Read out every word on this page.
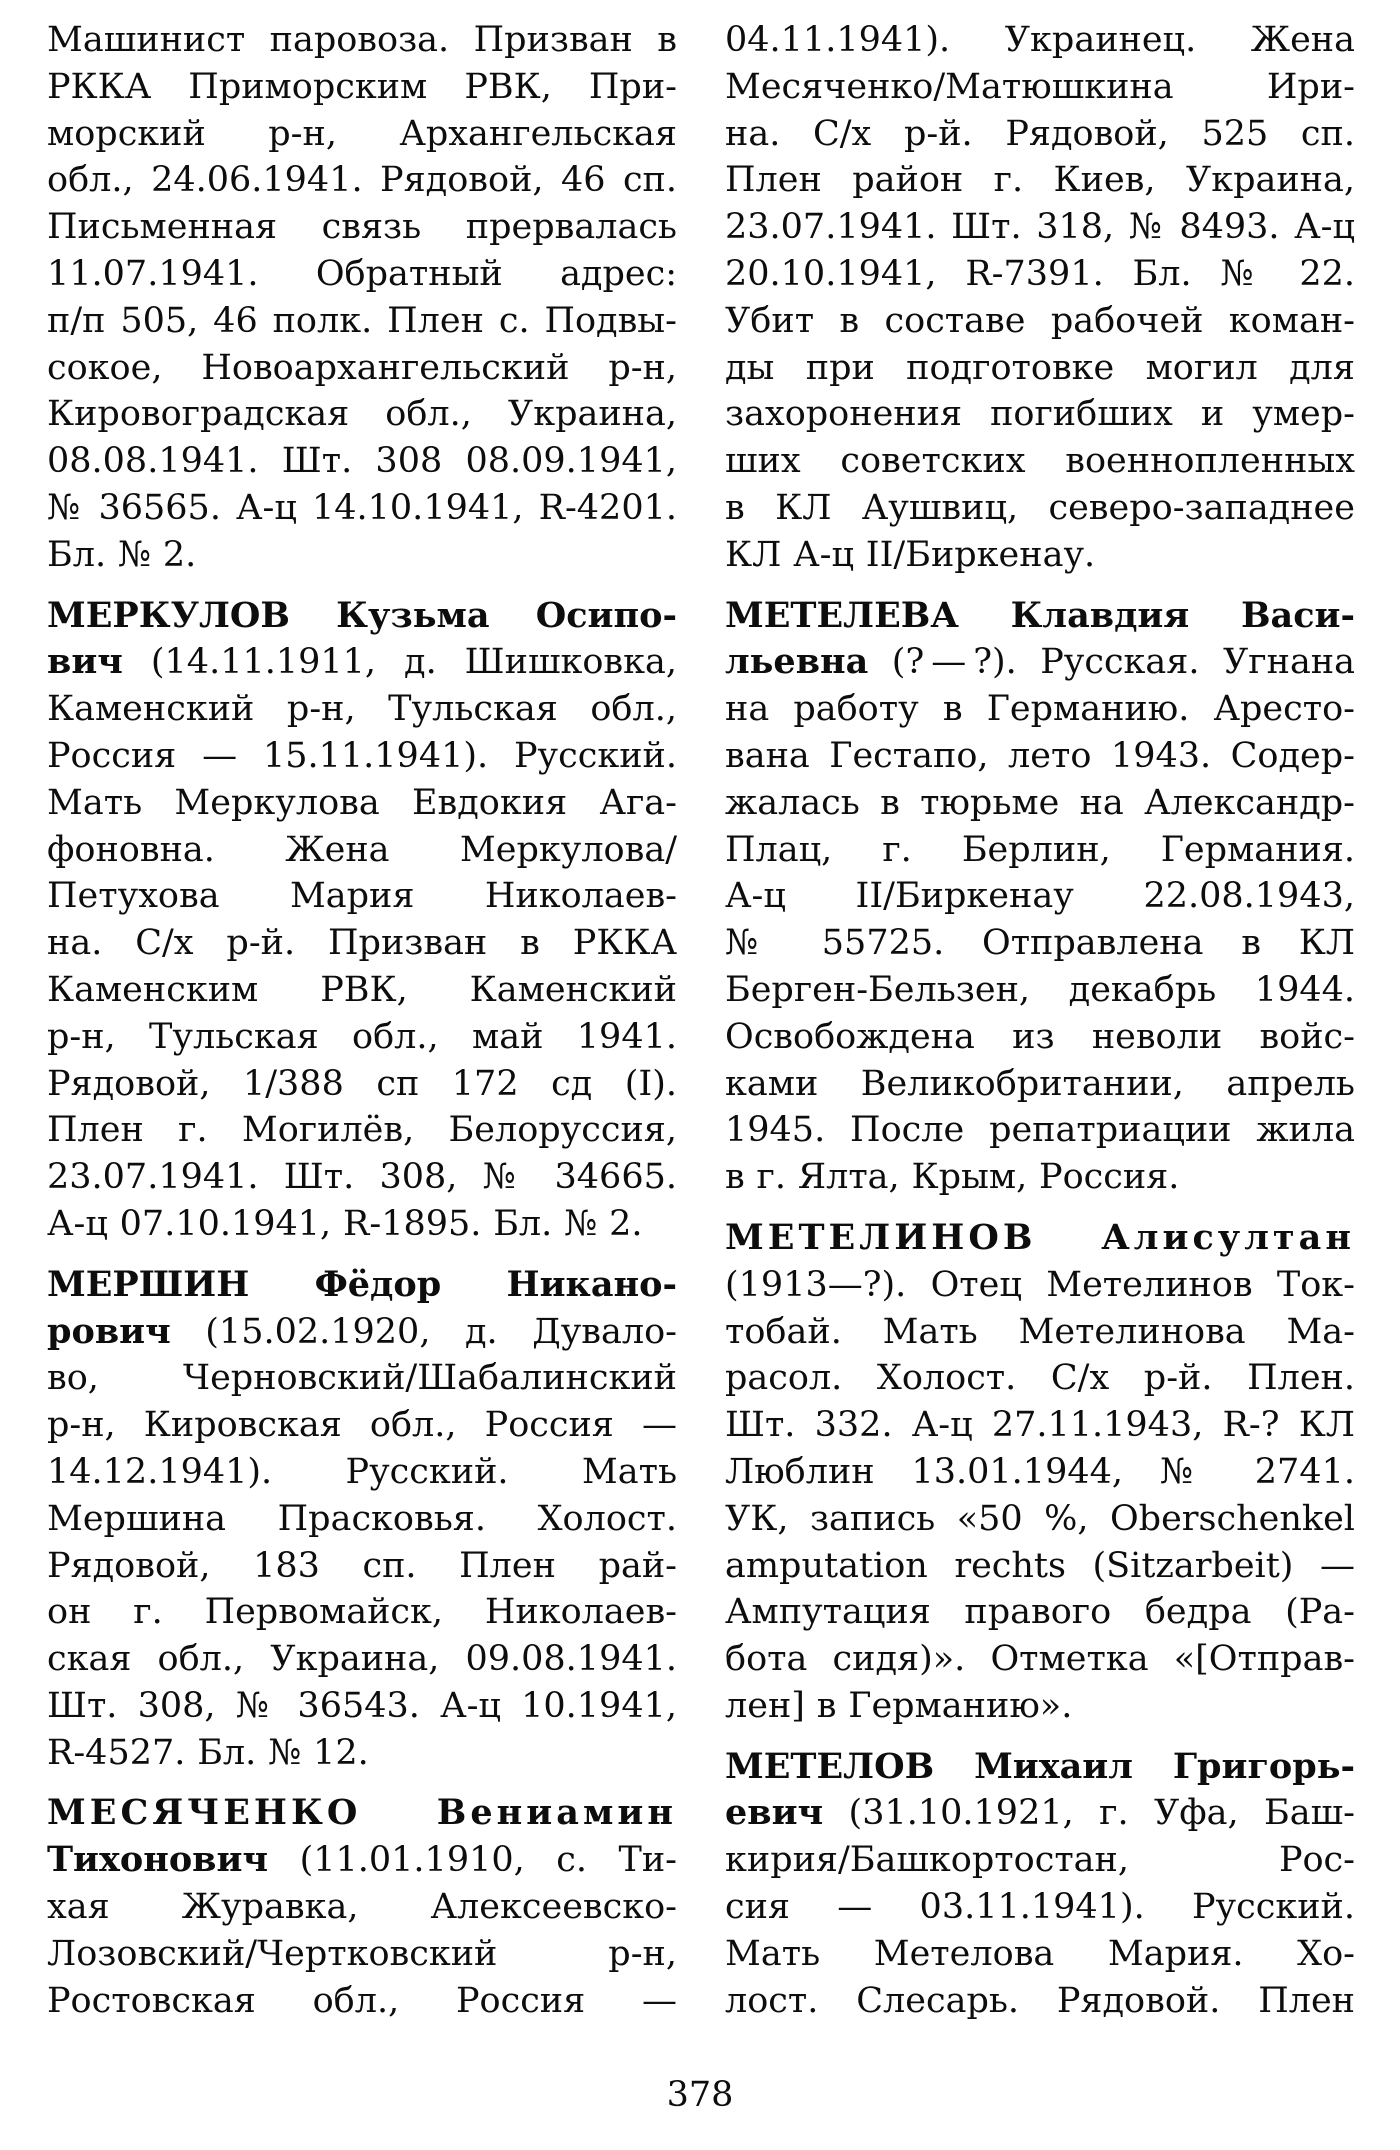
Машинист паровоза. Призван в
РККА Приморским РВК, При-
морский р-н, Архангельская
обл., 24.06.1941. Рядовой, 46 сп.
Письменная связь прервалась
11.07.1941. Обратный адрес:
п/п 505, 46 полк. Плен с. Подвы-
сокое, Новоархангельский р-н,
Кировоградская обл., Украина,
08.08.1941. Шт. 308 08.09.1941,
№ 36565. А-ц 14.10.1941, R-4201.
Бл. № 2.
МЕРКУЛОВ Кузьма Осипо-
вич (14.11.1911, д. Шишковка,
Каменский р-н, Тульская обл.,
Россия — 15.11.1941). Русский.
Мать Меркулова Евдокия Ага-
фоновна. Жена Меркулова/
Петухова Мария Николаев-
на. С/х р-й. Призван в РККА
Каменским РВК, Каменский
р-н, Тульская обл., май 1941.
Рядовой, 1/388 сп 172 сд (I).
Плен г. Могилёв, Белоруссия,
23.07.1941. Шт. 308, № 34665.
А-ц 07.10.1941, R-1895. Бл. № 2.
МЕРШИН Фёдор Никано-
рович (15.02.1920, д. Дувало-
во, Черновский/Шабалинский
р-н, Кировская обл., Россия —
14.12.1941). Русский. Мать
Мершина Прасковья. Холост.
Рядовой, 183 сп. Плен рай-
он г. Первомайск, Николаев-
ская обл., Украина, 09.08.1941.
Шт. 308, № 36543. А-ц 10.1941,
R-4527. Бл. № 12.
МЕСЯЧЕНКО Вениамин
Тихонович (11.01.1910, с. Ти-
хая Журавка, Алексеевско-
Лозовский/Чертковский р-н,
Ростовская обл., Россия —
04.11.1941). Украинец. Жена
Месяченко/Матюшкина Ири-
на. С/х р-й. Рядовой, 525 сп.
Плен район г. Киев, Украина,
23.07.1941. Шт. 318, № 8493. А-ц
20.10.1941, R-7391. Бл. № 22.
Убит в составе рабочей коман-
ды при подготовке могил для
захоронения погибших и умер-
ших советских военнопленных
в КЛ Аушвиц, северо-западнее
КЛ А-ц II/Биркенау.
МЕТЕЛЕВА Клавдия Васи-
льевна (? — ?). Русская. Угнана
на работу в Германию. Аресто-
вана Гестапо, лето 1943. Содер-
жалась в тюрьме на Александр-
Плац, г. Берлин, Германия.
А-ц II/Биркенау 22.08.1943,
№ 55725. Отправлена в КЛ
Берген-Бельзен, декабрь 1944.
Освобождена из неволи войс-
ками Великобритании, апрель
1945. После репатриации жила
в г. Ялта, Крым, Россия.
МЕТЕЛИНОВ Алисултан
(1913—?). Отец Метелинов Ток-
тобай. Мать Метелинова Ма-
расол. Холост. С/х р-й. Плен.
Шт. 332. А-ц 27.11.1943, R-? КЛ
Люблин 13.01.1944, № 2741.
УК, запись «50 %, Oberschenkel
amputation rechts (Sitzarbeit) —
Ампутация правого бедра (Ра-
бота сидя)». Отметка «[Отправ-
лен] в Германию».
МЕТЕЛОВ Михаил Григорь-
евич (31.10.1921, г. Уфа, Баш-
кирия/Башкортостан, Рос-
сия — 03.11.1941). Русский.
Мать Метелова Мария. Хо-
лост. Слесарь. Рядовой. Плен
378
